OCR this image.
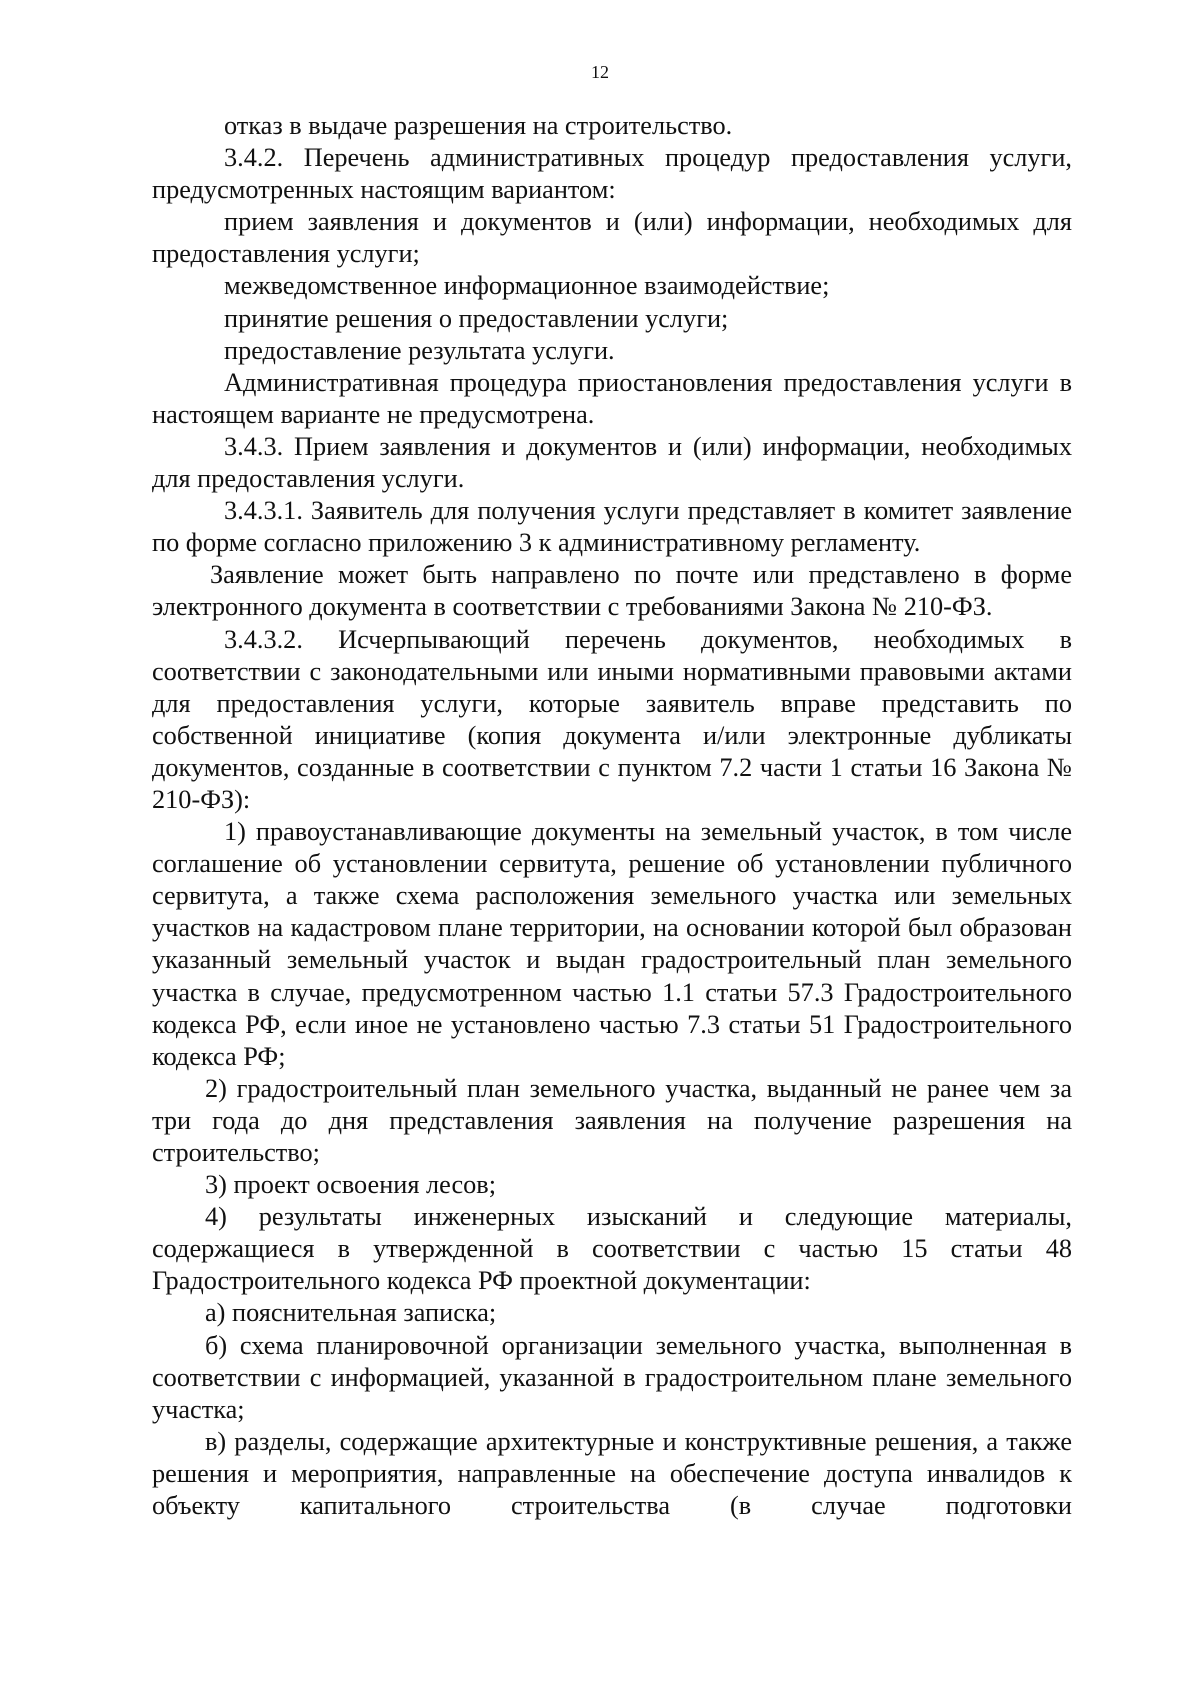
12

отказ в выдаче разрешения на строительство.

3.4.2. Перечень административных процедур предоставления услуги, предусмотренных настоящим вариантом:

прием заявления и документов и (или) информации, необходимых для предоставления услуги;

межведомственное информационное взаимодействие;

принятие решения о предоставлении услуги;

предоставление результата услуги.

Административная процедура приостановления предоставления услуги в настоящем варианте не предусмотрена.

3.4.3. Прием заявления и документов и (или) информации, необходимых для предоставления услуги.

3.4.3.1. Заявитель для получения услуги представляет в комитет заявление по форме согласно приложению 3 к административному регламенту.

Заявление может быть направлено по почте или представлено в форме электронного документа в соответствии с требованиями Закона № 210-ФЗ.

3.4.3.2. Исчерпывающий перечень документов, необходимых в соответствии с законодательными или иными нормативными правовыми актами для предоставления услуги, которые заявитель вправе представить по собственной инициативе (копия документа и/или электронные дубликаты документов, созданные в соответствии с пунктом 7.2 части 1 статьи 16 Закона № 210-ФЗ):

1) правоустанавливающие документы на земельный участок, в том числе соглашение об установлении сервитута, решение об установлении публичного сервитута, а также схема расположения земельного участка или земельных участков на кадастровом плане территории, на основании которой был образован указанный земельный участок и выдан градостроительный план земельного участка в случае, предусмотренном частью 1.1 статьи 57.3 Градостроительного кодекса РФ, если иное не установлено частью 7.3 статьи 51 Градостроительного кодекса РФ;

2) градостроительный план земельного участка, выданный не ранее чем за три года до дня представления заявления на получение разрешения на строительство;

3) проект освоения лесов;

4) результаты инженерных изысканий и следующие материалы, содержащиеся в утвержденной в соответствии с частью 15 статьи 48 Градостроительного кодекса РФ проектной документации:

а) пояснительная записка;

б) схема планировочной организации земельного участка, выполненная в соответствии с информацией, указанной в градостроительном плане земельного участка;

в) разделы, содержащие архитектурные и конструктивные решения, а также решения и мероприятия, направленные на обеспечение доступа инвалидов к объекту капитального строительства (в случае подготовки
